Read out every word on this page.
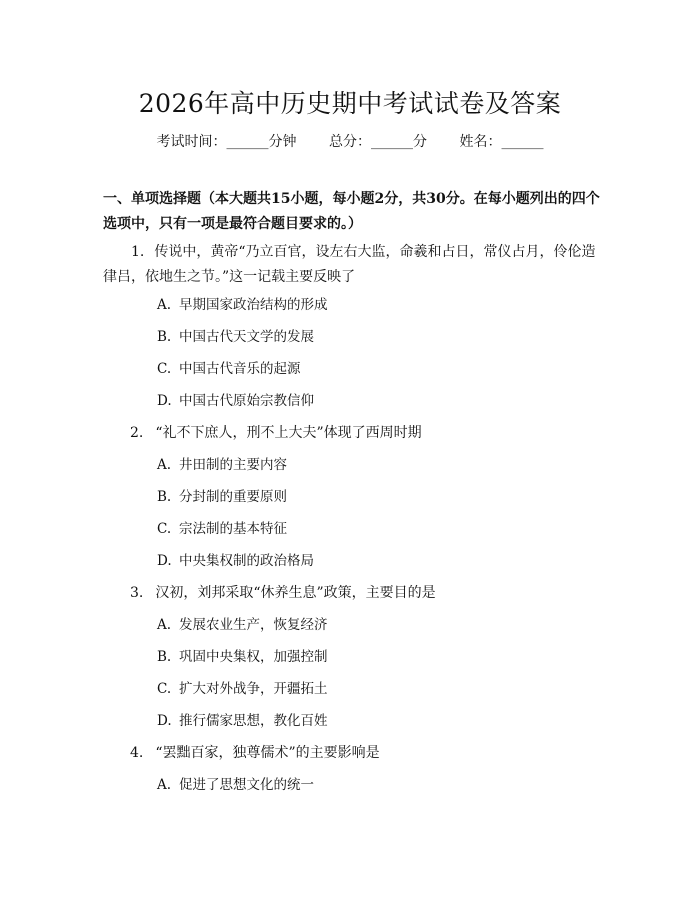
2026年高中历史期中考试试卷及答案
考试时间：______分钟 总分：______分 姓名：______
一、单项选择题（本大题共15小题，每小题2分，共30分。在每小题列出的四个选项中，只有一项是最符合题目要求的。）
1. 传说中，黄帝“乃立百官，设左右大监，命羲和占日，常仪占月，伶伦造律吕，依地生之节。”这一记载主要反映了
A. 早期国家政治结构的形成
B. 中国古代天文学的发展
C. 中国古代音乐的起源
D. 中国古代原始宗教信仰
2. “礼不下庶人，刑不上大夫”体现了西周时期
A. 井田制的主要内容
B. 分封制的重要原则
C. 宗法制的基本特征
D. 中央集权制的政治格局
3. 汉初，刘邦采取“休养生息”政策，主要目的是
A. 发展农业生产，恢复经济
B. 巩固中央集权，加强控制
C. 扩大对外战争，开疆拓土
D. 推行儒家思想，教化百姓
4. “罢黜百家，独尊儒术”的主要影响是
A. 促进了思想文化的统一
